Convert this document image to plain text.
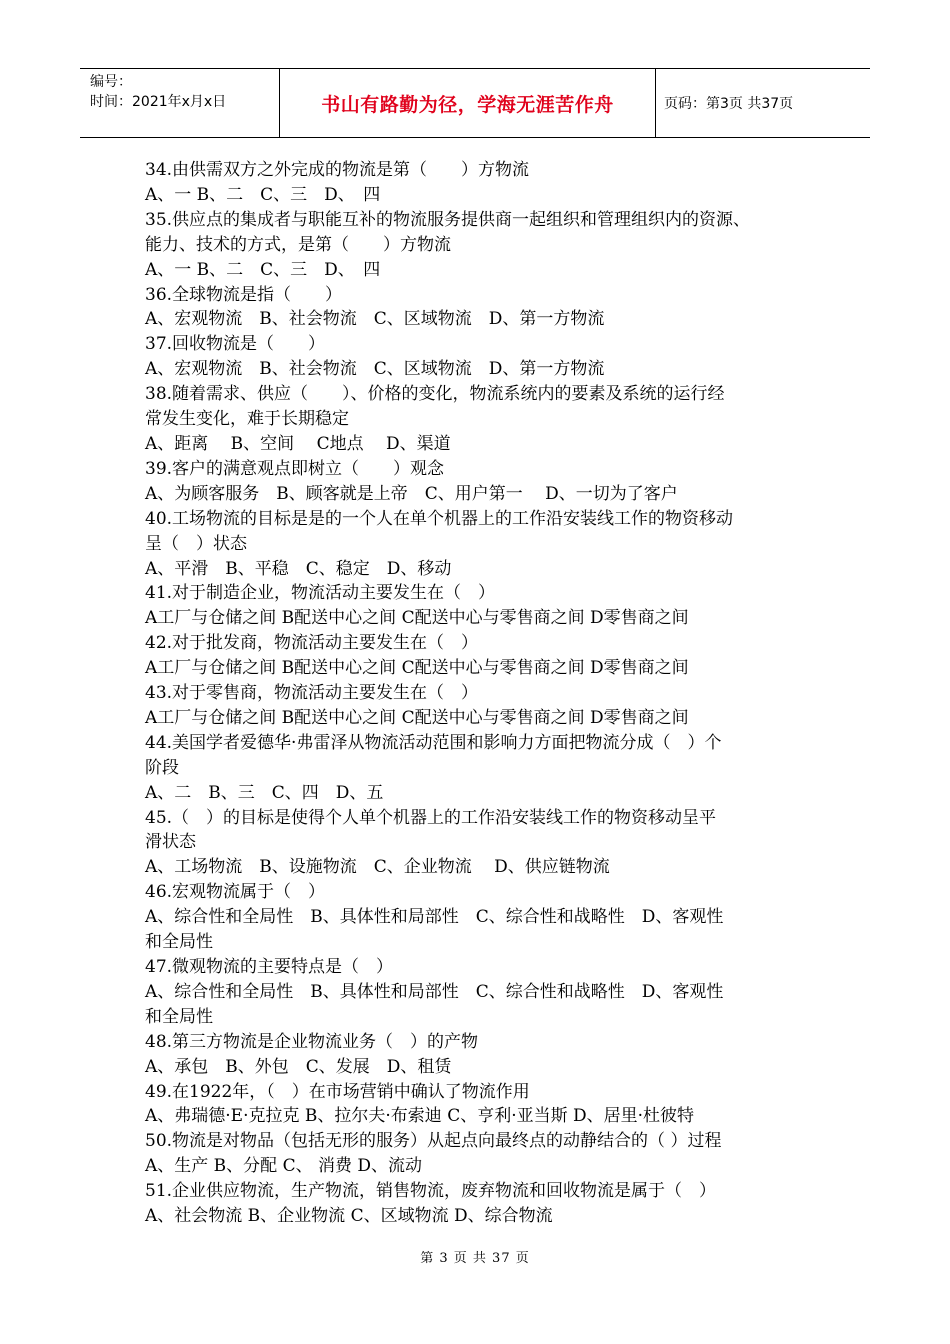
编号：
时间：2021年x月x日	书山有路勤为径，学海无涯苦作舟	页码：第3页 共37页
34.由供需双方之外完成的物流是第（　　）方物流
A、一 B、二　C、三　D、　四
35.供应点的集成者与职能互补的物流服务提供商一起组织和管理组织内的资源、
能力、技术的方式，是第（　　）方物流
A、一 B、二　C、三　D、　四
36.全球物流是指（　　）
A、宏观物流　B、社会物流　C、区域物流　D、第一方物流
37.回收物流是（　　）
A、宏观物流　B、社会物流　C、区域物流　D、第一方物流
38.随着需求、供应（　　）、价格的变化，物流系统内的要素及系统的运行经
常发生变化，难于长期稳定
A、距离　 B、空间　 C地点　 D、渠道
39.客户的满意观点即树立（　　）观念
A、为顾客服务　B、顾客就是上帝　C、用户第一　 D、一切为了客户
40.工场物流的目标是是的一个人在单个机器上的工作沿安装线工作的物资移动
呈（　）状态
A、平滑　B、平稳　C、稳定　D、移动
41.对于制造企业，物流活动主要发生在（　）
A工厂与仓储之间 B配送中心之间 C配送中心与零售商之间 D零售商之间
42.对于批发商，物流活动主要发生在（　）
A工厂与仓储之间 B配送中心之间 C配送中心与零售商之间 D零售商之间
43.对于零售商，物流活动主要发生在（　）
A工厂与仓储之间 B配送中心之间 C配送中心与零售商之间 D零售商之间
44.美国学者爱德华·弗雷泽从物流活动范围和影响力方面把物流分成（　）个
阶段
A、二　B、三　C、四　D、五
45.（　）的目标是使得个人单个机器上的工作沿安装线工作的物资移动呈平
滑状态
A、工场物流　B、设施物流　C、企业物流　 D、供应链物流
46.宏观物流属于（　）
A、综合性和全局性　B、具体性和局部性　C、综合性和战略性　D、客观性
和全局性
47.微观物流的主要特点是（　）
A、综合性和全局性　B、具体性和局部性　C、综合性和战略性　D、客观性
和全局性
48.第三方物流是企业物流业务（　）的产物
A、承包　B、外包　C、发展　D、租赁
49.在1922年，（　）在市场营销中确认了物流作用
A、弗瑞德·E·克拉克 B、拉尔夫·布索迪 C、亨利·亚当斯 D、居里·杜彼特
50.物流是对物品（包括无形的服务）从起点向最终点的动静结合的（ ）过程
A、生产 B、分配 C、 消费 D、流动
51.企业供应物流，生产物流，销售物流，废弃物流和回收物流是属于（　）
A、社会物流 B、企业物流 C、区域物流 D、综合物流
第 3 页 共 37 页
